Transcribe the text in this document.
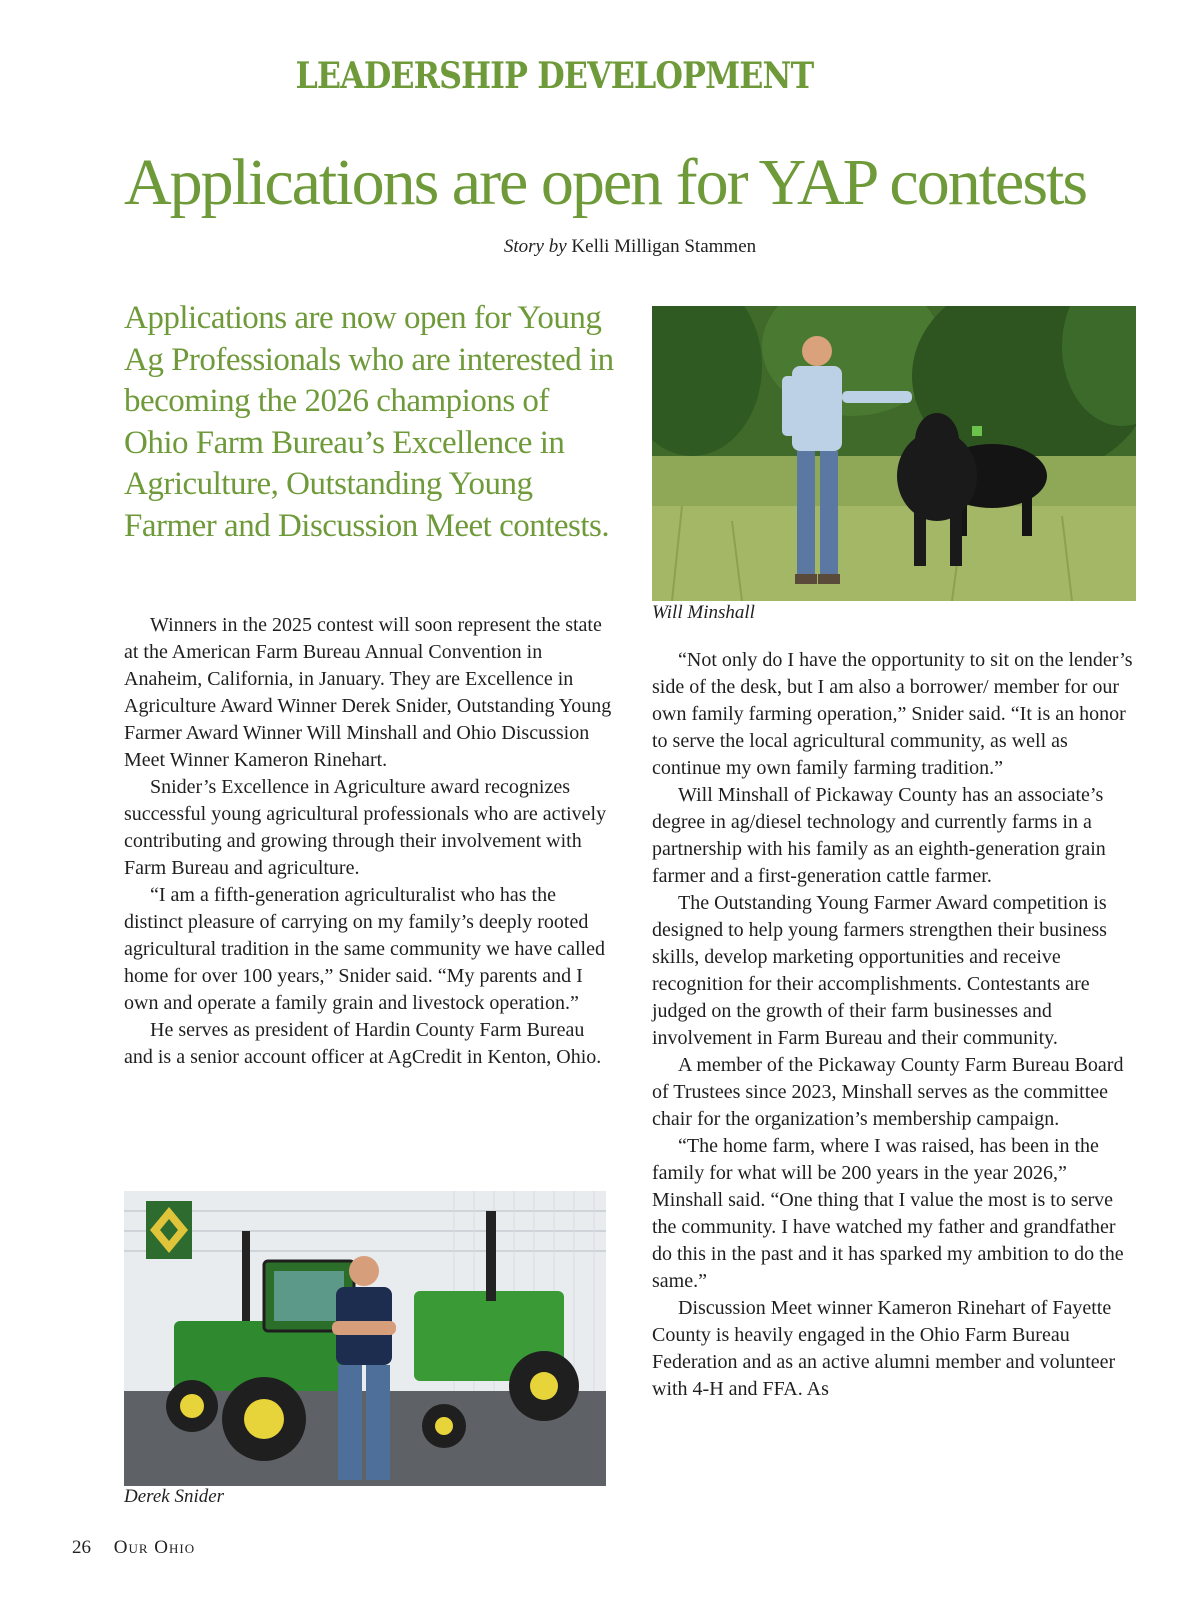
LEADERSHIP DEVELOPMENT
Applications are open for YAP contests
Story by Kelli Milligan Stammen

Applications are now open for Young Ag Professionals who are interested in becoming the 2026 champions of Ohio Farm Bureau’s Excellence in Agriculture, Outstanding Young Farmer and Discussion Meet contests.

Winners in the 2025 contest will soon represent the state at the American Farm Bureau Annual Convention in Anaheim, California, in January. They are Excellence in Agriculture Award Winner Derek Snider, Outstanding Young Farmer Award Winner Will Minshall and Ohio Discussion Meet Winner Kameron Rinehart.

Snider’s Excellence in Agriculture award recognizes successful young agricultural professionals who are actively contributing and growing through their involvement with Farm Bureau and agriculture.

“I am a fifth-generation agriculturalist who has the distinct pleasure of carrying on my family’s deeply rooted agricultural tradition in the same community we have called home for over 100 years,” Snider said. “My parents and I own and operate a family grain and livestock operation.”

He serves as president of Hardin County Farm Bureau and is a senior account officer at AgCredit in Kenton, Ohio.

Will Minshall

“Not only do I have the opportunity to sit on the lender’s side of the desk, but I am also a borrower/ member for our own family farming operation,” Snider said. “It is an honor to serve the local agricultural community, as well as continue my own family farming tradition.”

Will Minshall of Pickaway County has an associate’s degree in ag/diesel technology and currently farms in a partnership with his family as an eighth-generation grain farmer and a first-generation cattle farmer.

The Outstanding Young Farmer Award competition is designed to help young farmers strengthen their business skills, develop marketing opportunities and receive recognition for their accomplishments. Contestants are judged on the growth of their farm businesses and involvement in Farm Bureau and their community.

A member of the Pickaway County Farm Bureau Board of Trustees since 2023, Minshall serves as the committee chair for the organization’s membership campaign.

“The home farm, where I was raised, has been in the family for what will be 200 years in the year 2026,” Minshall said. “One thing that I value the most is to serve the community. I have watched my father and grandfather do this in the past and it has sparked my ambition to do the same.”

Discussion Meet winner Kameron Rinehart of Fayette County is heavily engaged in the Ohio Farm Bureau Federation and as an active alumni member and volunteer with 4-H and FFA. As

Derek Snider
26 Our Ohio
